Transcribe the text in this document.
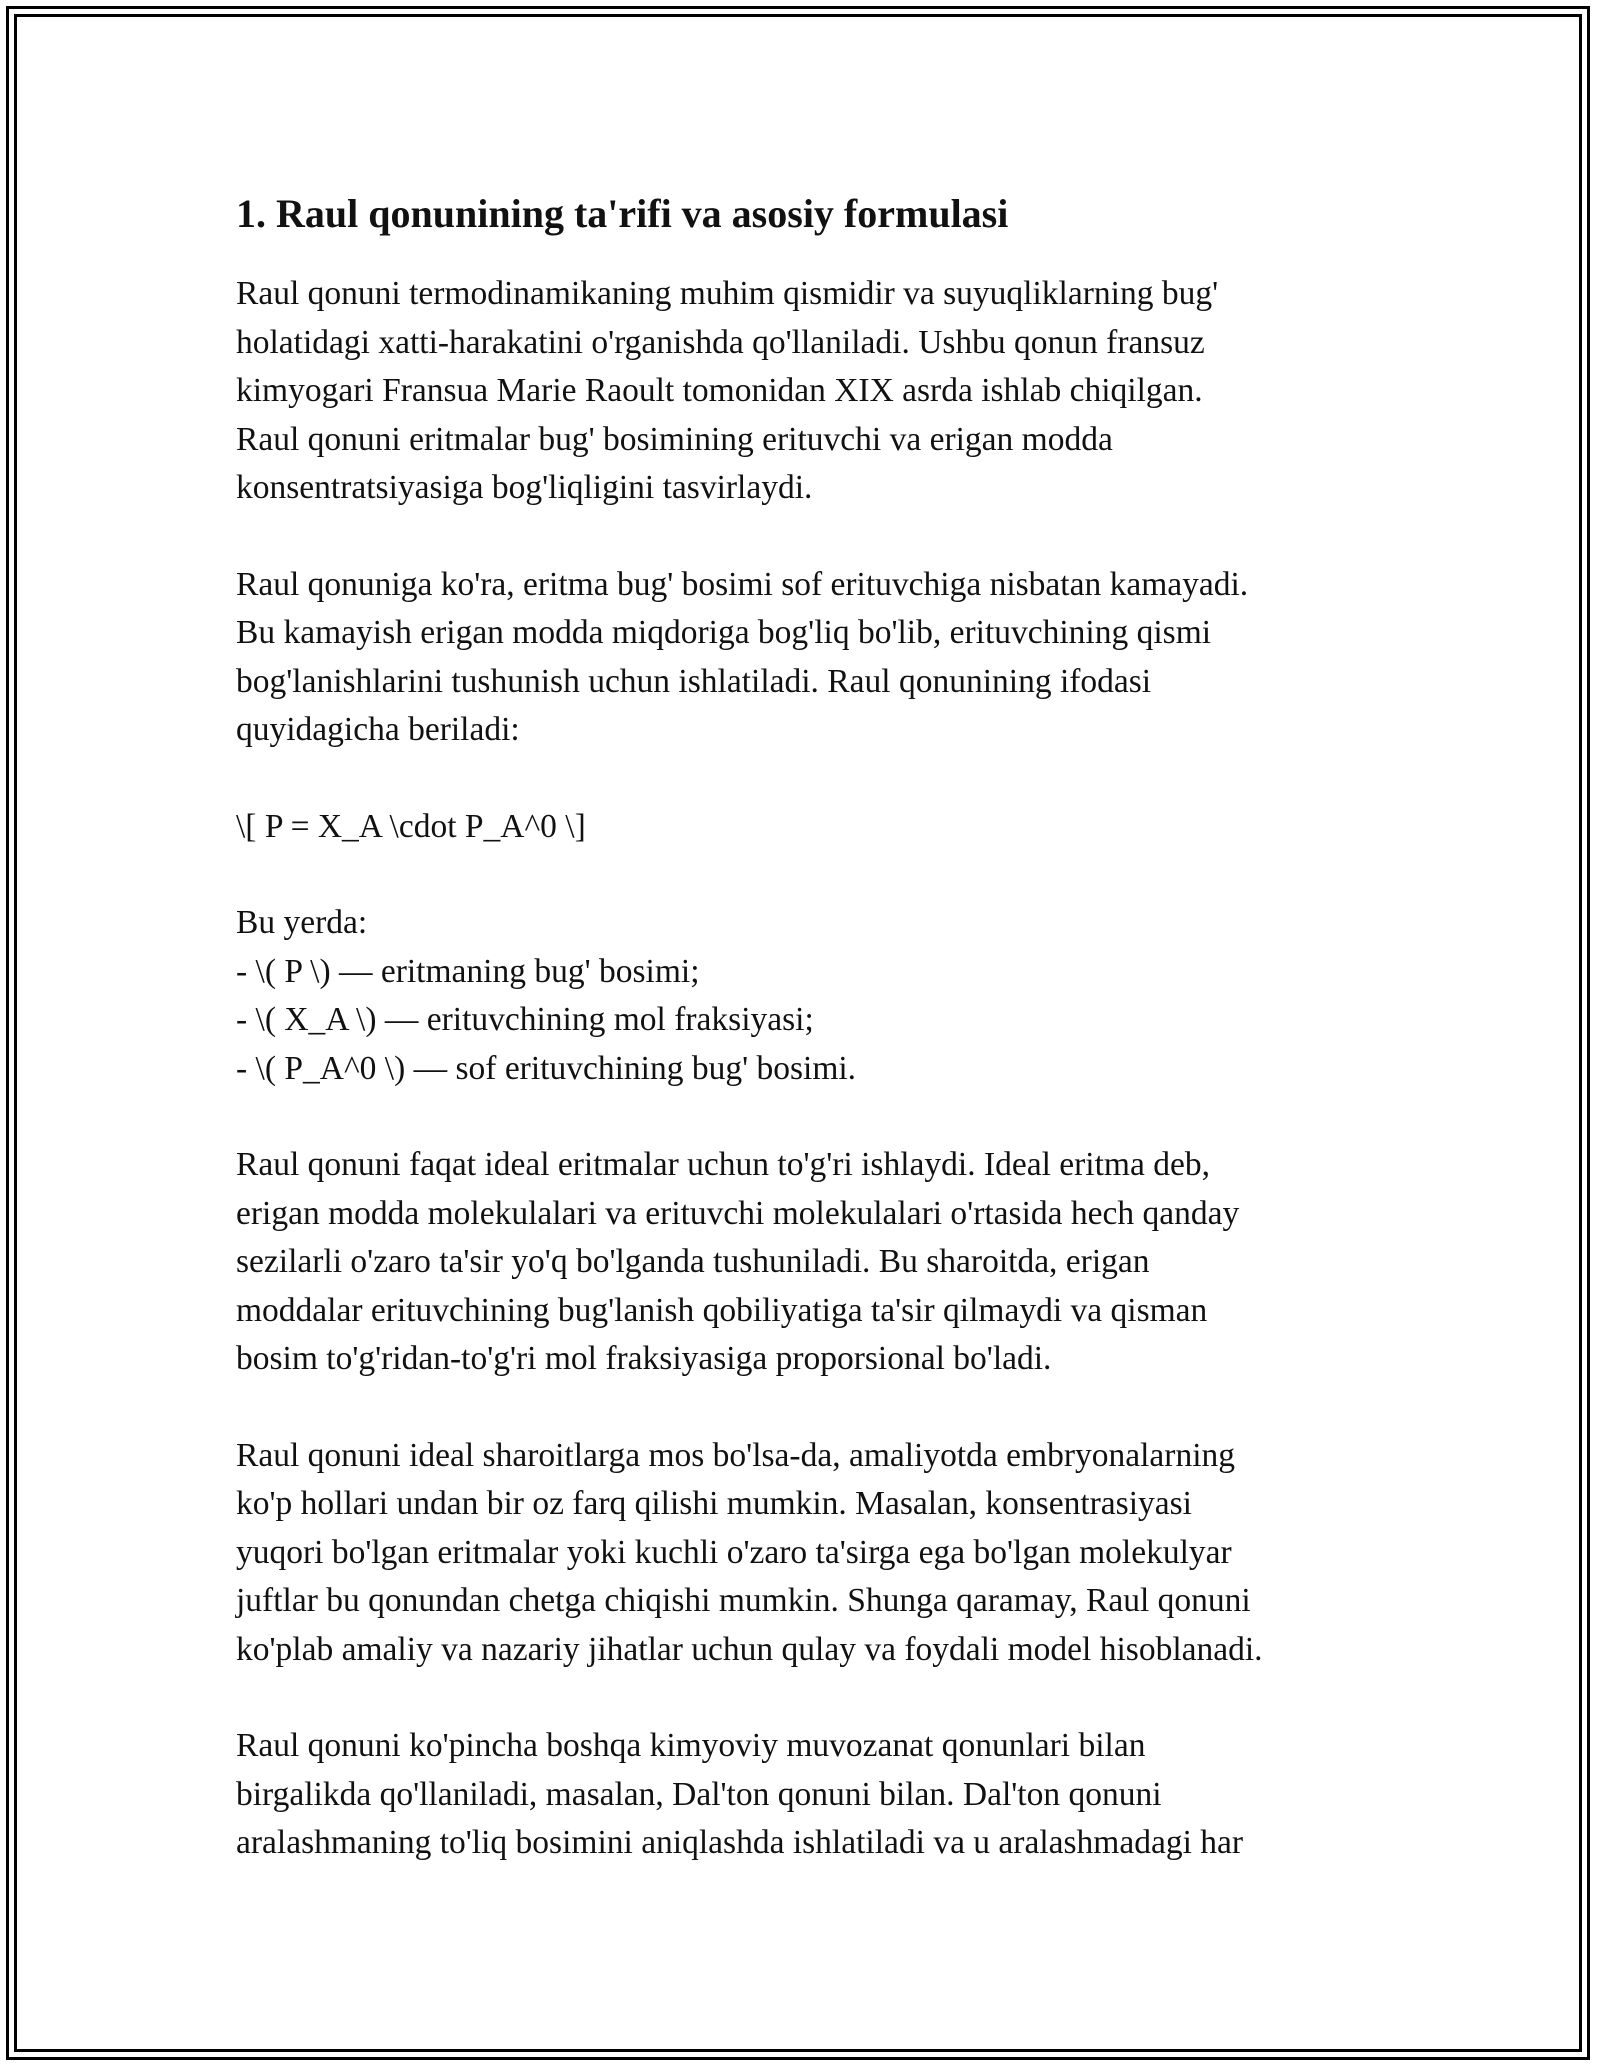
1. Raul qonunining ta'rifi va asosiy formulasi
Raul qonuni termodinamikaning muhim qismidir va suyuqliklarning bug'
holatidagi xatti-harakatini o'rganishda qo'llaniladi. Ushbu qonun fransuz
kimyogari Fransua Marie Raoult tomonidan XIX asrda ishlab chiqilgan.
Raul qonuni eritmalar bug' bosimining erituvchi va erigan modda
konsentratsiyasiga bog'liqligini tasvirlaydi.
Raul qonuniga ko'ra, eritma bug' bosimi sof erituvchiga nisbatan kamayadi.
Bu kamayish erigan modda miqdoriga bog'liq bo'lib, erituvchining qismi
bog'lanishlarini tushunish uchun ishlatiladi. Raul qonunining ifodasi
quyidagicha beriladi:
\[ P = X_A \cdot P_A^0 \]
Bu yerda:
- \( P \) — eritmaning bug' bosimi;
- \( X_A \) — erituvchining mol fraksiyasi;
- \( P_A^0 \) — sof erituvchining bug' bosimi.
Raul qonuni faqat ideal eritmalar uchun to'g'ri ishlaydi. Ideal eritma deb,
erigan modda molekulalari va erituvchi molekulalari o'rtasida hech qanday
sezilarli o'zaro ta'sir yo'q bo'lganda tushuniladi. Bu sharoitda, erigan
moddalar erituvchining bug'lanish qobiliyatiga ta'sir qilmaydi va qisman
bosim to'g'ridan-to'g'ri mol fraksiyasiga proporsional bo'ladi.
Raul qonuni ideal sharoitlarga mos bo'lsa-da, amaliyotda embryonalarning
ko'p hollari undan bir oz farq qilishi mumkin. Masalan, konsentrasiyasi
yuqori bo'lgan eritmalar yoki kuchli o'zaro ta'sirga ega bo'lgan molekulyar
juftlar bu qonundan chetga chiqishi mumkin. Shunga qaramay, Raul qonuni
ko'plab amaliy va nazariy jihatlar uchun qulay va foydali model hisoblanadi.
Raul qonuni ko'pincha boshqa kimyoviy muvozanat qonunlari bilan
birgalikda qo'llaniladi, masalan, Dal'ton qonuni bilan. Dal'ton qonuni
aralashmaning to'liq bosimini aniqlashda ishlatiladi va u aralashmadagi har
